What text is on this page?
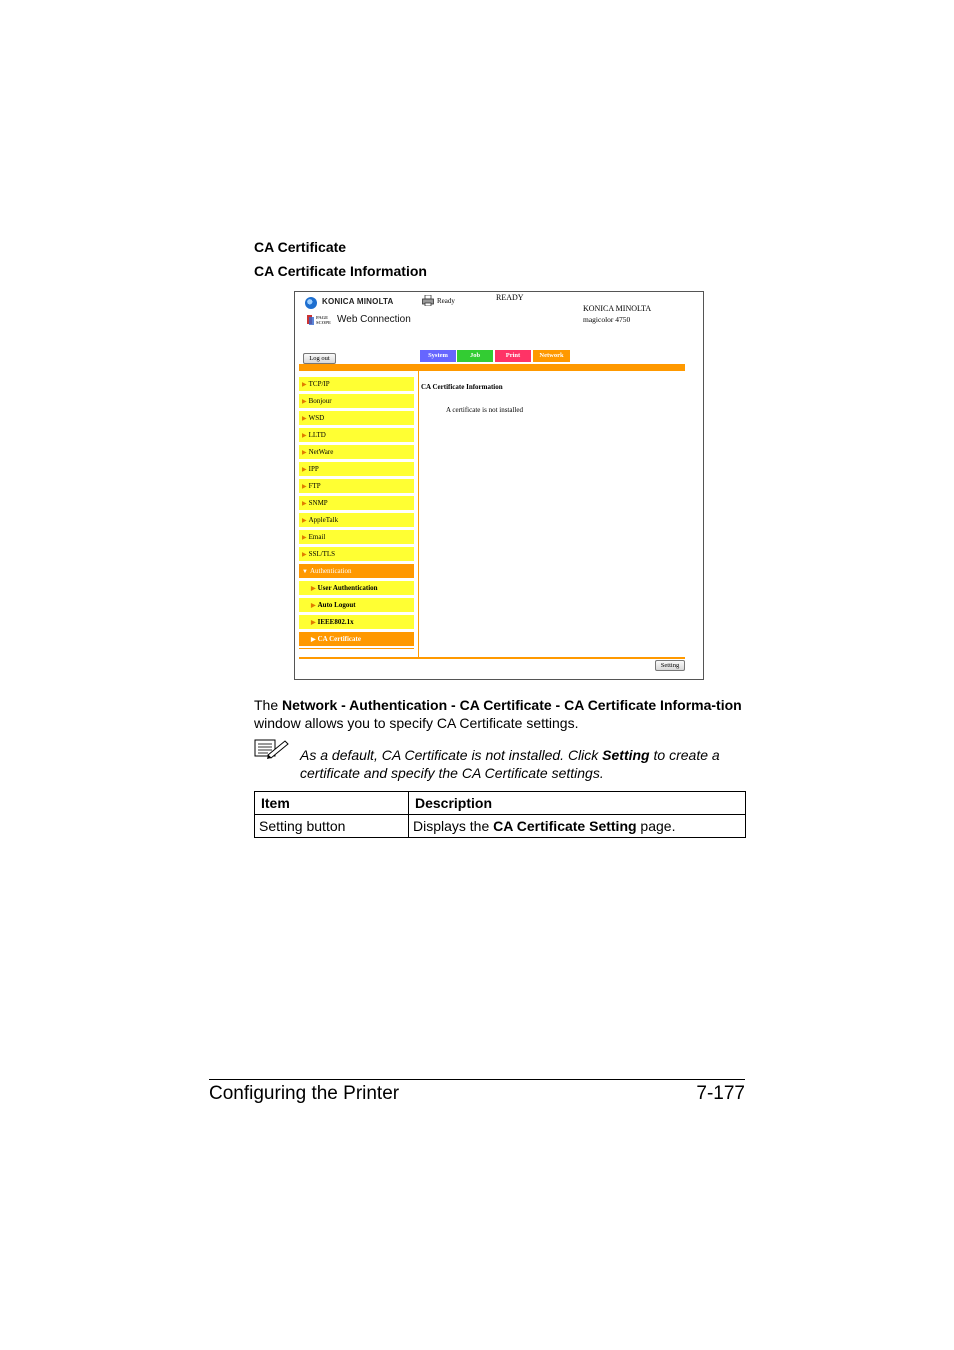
CA Certificate
CA Certificate Information
KONICA MINOLTA
PAGE
SCOPE Web Connection
Ready	READY
KONICA MINOLTA
magicolor 4750
Log out	System	Job	Print	Network
CA Certificate Information
A certificate is not installed
Setting
▶ TCP/IP
▶ Bonjour
▶ WSD
▶ LLTD
▶ NetWare
▶ IPP
▶ FTP
▶ SNMP
▶ AppleTalk
▶ Email
▶ SSL/TLS
▼ Authentication
▶ User Authentication
▶ Auto Logout
▶ IEEE802.1x
▶ CA Certificate
The Network - Authentication - CA Certificate - CA Certificate Informa-tion window allows you to specify CA Certificate settings.
As a default, CA Certificate is not installed. Click Setting to create a certificate and specify the CA Certificate settings.
Item	Description
Setting button	Displays the CA Certificate Setting page.
Configuring the Printer	7-177
